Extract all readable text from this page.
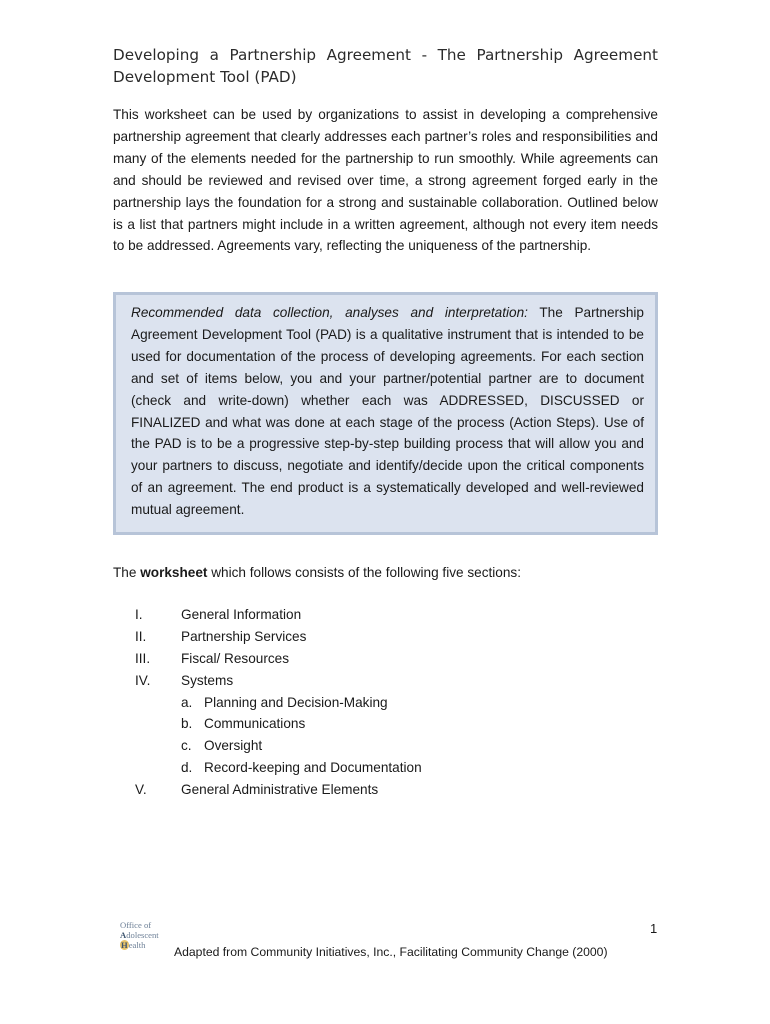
Developing a Partnership Agreement - The Partnership Agreement Development Tool (PAD)

This worksheet can be used by organizations to assist in developing a comprehensive partnership agreement that clearly addresses each partner’s roles and responsibilities and many of the elements needed for the partnership to run smoothly. While agreements can and should be reviewed and revised over time, a strong agreement forged early in the partnership lays the foundation for a strong and sustainable collaboration. Outlined below is a list that partners might include in a written agreement, although not every item needs to be addressed. Agreements vary, reflecting the uniqueness of the partnership.

Recommended data collection, analyses and interpretation: The Partnership Agreement Development Tool (PAD) is a qualitative instrument that is intended to be used for documentation of the process of developing agreements. For each section and set of items below, you and your partner/potential partner are to document (check and write-down) whether each was ADDRESSED, DISCUSSED or FINALIZED and what was done at each stage of the process (Action Steps). Use of the PAD is to be a progressive step-by-step building process that will allow you and your partners to discuss, negotiate and identify/decide upon the critical components of an agreement. The end product is a systematically developed and well-reviewed mutual agreement.

The worksheet which follows consists of the following five sections:

I.	General Information
II.	Partnership Services
III. Fiscal/ Resources
IV. Systems
a. Planning and Decision-Making
b. Communications
c. Oversight
d. Record-keeping and Documentation
V.	General Administrative Elements
1
Office of
Adolescent
Health Adapted from Community Initiatives, Inc., Facilitating Community Change (2000)
